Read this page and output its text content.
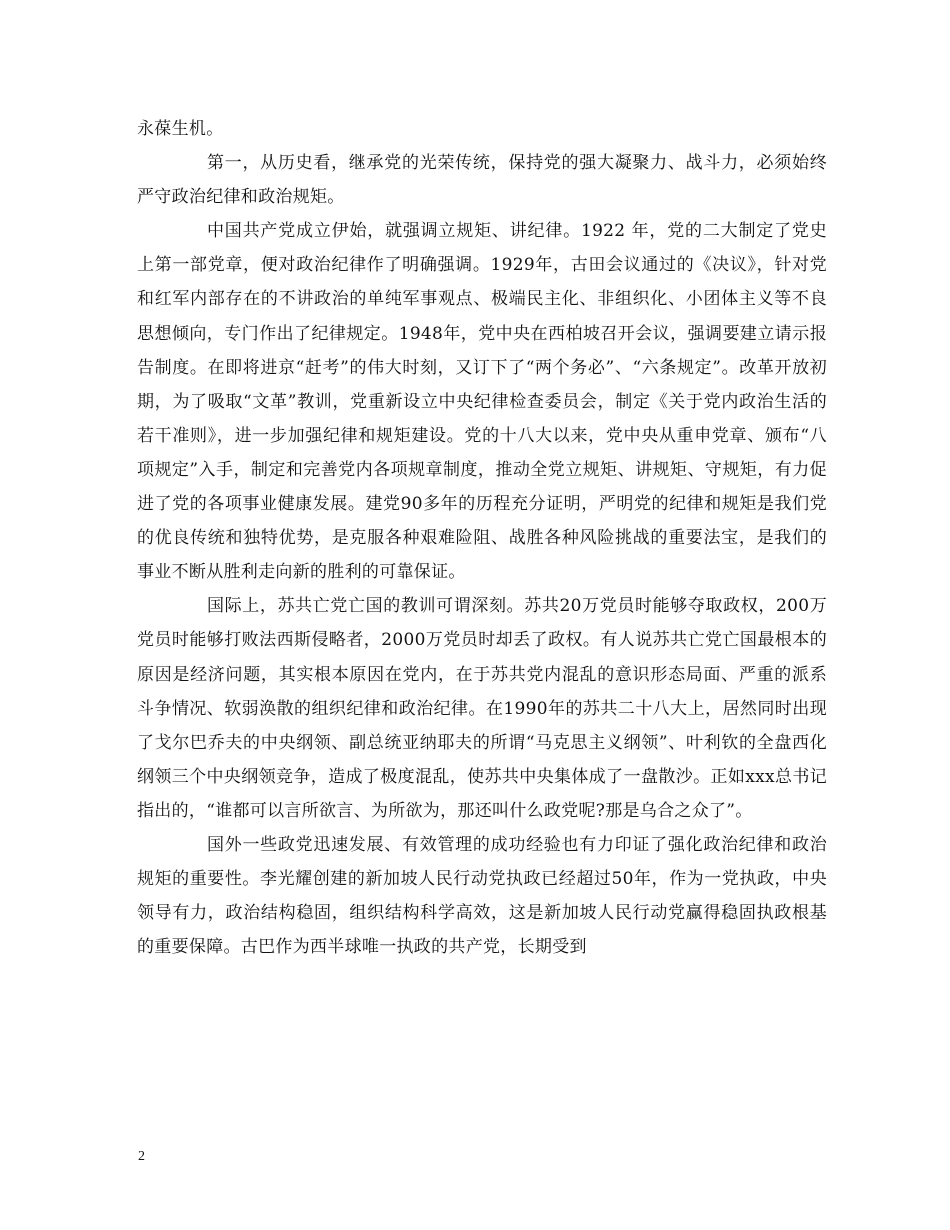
永葆生机。

第一，从历史看，继承党的光荣传统，保持党的强大凝聚力、战斗力，必须始终严守政治纪律和政治规矩。

中国共产党成立伊始，就强调立规矩、讲纪律。1922 年，党的二大制定了党史上第一部党章，便对政治纪律作了明确强调。1929年，古田会议通过的《决议》，针对党和红军内部存在的不讲政治的单纯军事观点、极端民主化、非组织化、小团体主义等不良思想倾向，专门作出了纪律规定。1948年，党中央在西柏坡召开会议，强调要建立请示报告制度。在即将进京“赶考”的伟大时刻，又订下了“两个务必”、“六条规定”。改革开放初期，为了吸取“文革”教训，党重新设立中央纪律检查委员会，制定《关于党内政治生活的若干准则》，进一步加强纪律和规矩建设。党的十八大以来，党中央从重申党章、颁布“八项规定”入手，制定和完善党内各项规章制度，推动全党立规矩、讲规矩、守规矩，有力促进了党的各项事业健康发展。建党90多年的历程充分证明，严明党的纪律和规矩是我们党的优良传统和独特优势，是克服各种艰难险阻、战胜各种风险挑战的重要法宝，是我们的事业不断从胜利走向新的胜利的可靠保证。

国际上，苏共亡党亡国的教训可谓深刻。苏共20万党员时能够夺取政权，200万党员时能够打败法西斯侵略者，2000万党员时却丢了政权。有人说苏共亡党亡国最根本的原因是经济问题，其实根本原因在党内，在于苏共党内混乱的意识形态局面、严重的派系斗争情况、软弱涣散的组织纪律和政治纪律。在1990年的苏共二十八大上，居然同时出现了戈尔巴乔夫的中央纲领、副总统亚纳耶夫的所谓“马克思主义纲领”、叶利钦的全盘西化纲领三个中央纲领竞争，造成了极度混乱，使苏共中央集体成了一盘散沙。正如xxx总书记指出的，“谁都可以言所欲言、为所欲为，那还叫什么政党呢?那是乌合之众了”。

国外一些政党迅速发展、有效管理的成功经验也有力印证了强化政治纪律和政治规矩的重要性。李光耀创建的新加坡人民行动党执政已经超过50年，作为一党执政，中央领导有力，政治结构稳固，组织结构科学高效，这是新加坡人民行动党赢得稳固执政根基的重要保障。古巴作为西半球唯一执政的共产党，长期受到

2
